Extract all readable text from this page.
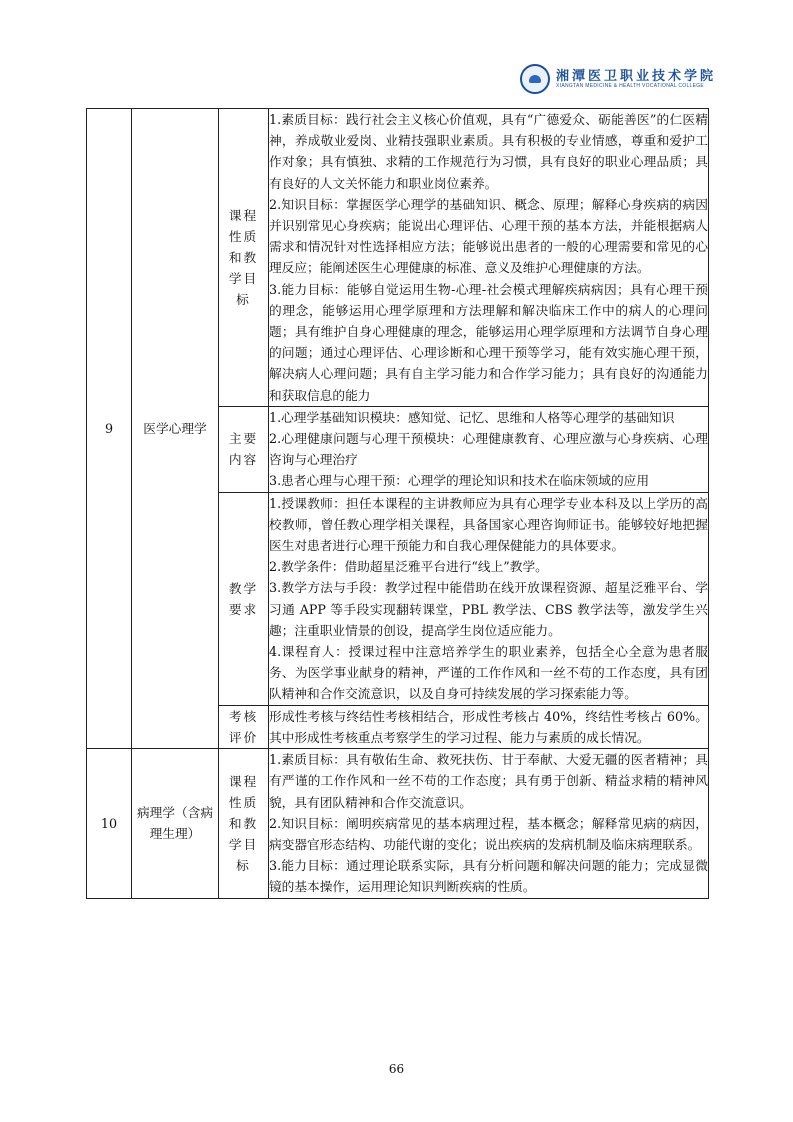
湘潭医卫职业技术学院
XIANGTAN MEDICINE & HEALTH VOCATIONAL COLLEGE
9	医学心理学	课程性质和教学目标	1.素质目标：践行社会主义核心价值观，具有“广德爱众、砺能善医”的仁医精神，养成敬业爱岗、业精技强职业素质。具有积极的专业情感，尊重和爱护工作对象；具有慎独、求精的工作规范行为习惯，具有良好的职业心理品质；具有良好的人文关怀能力和职业岗位素养。

2.知识目标：掌握医学心理学的基础知识、概念、原理；解释心身疾病的病因并识别常见心身疾病；能说出心理评估、心理干预的基本方法，并能根据病人需求和情况针对性选择相应方法；能够说出患者的一般的心理需要和常见的心理反应；能阐述医生心理健康的标准、意义及维护心理健康的方法。

3.能力目标：能够自觉运用生物-心理-社会模式理解疾病病因；具有心理干预的理念，能够运用心理学原理和方法理解和解决临床工作中的病人的心理问题；具有维护自身心理健康的理念，能够运用心理学原理和方法调节自身心理的问题；通过心理评估、心理诊断和心理干预等学习，能有效实施心理干预，解决病人心理问题；具有自主学习能力和合作学习能力；具有良好的沟通能力和获取信息的能力

		主要内容	1.心理学基础知识模块：感知觉、记忆、思维和人格等心理学的基础知识

2.心理健康问题与心理干预模块：心理健康教育、心理应激与心身疾病、心理咨询与心理治疗

3.患者心理与心理干预：心理学的理论知识和技术在临床领域的应用

		教学要求	1.授课教师：担任本课程的主讲教师应为具有心理学专业本科及以上学历的高校教师，曾任教心理学相关课程，具备国家心理咨询师证书。能够较好地把握医生对患者进行心理干预能力和自我心理保健能力的具体要求。

2.教学条件：借助超星泛雅平台进行“线上”教学。

3.教学方法与手段：教学过程中能借助在线开放课程资源、超星泛雅平台、学习通 APP 等手段实现翻转课堂，PBL 教学法、CBS 教学法等，激发学生兴趣；注重职业情景的创设，提高学生岗位适应能力。

4.课程育人：授课过程中注意培养学生的职业素养，包括全心全意为患者服务、为医学事业献身的精神，严谨的工作作风和一丝不苟的工作态度，具有团队精神和合作交流意识，以及自身可持续发展的学习探索能力等。

		考核评价	形成性考核与终结性考核相结合，形成性考核占 40%，终结性考核占 60%。其中形成性考核重点考察学生的学习过程、能力与素质的成长情况。

10	病理学（含病理生理）	课程性质和教学目标	1.素质目标：具有敬佑生命、救死扶伤、甘于奉献、大爱无疆的医者精神；具有严谨的工作作风和一丝不苟的工作态度；具有勇于创新、精益求精的精神风貌，具有团队精神和合作交流意识。

2.知识目标：阐明疾病常见的基本病理过程，基本概念；解释常见病的病因，病变器官形态结构、功能代谢的变化；说出疾病的发病机制及临床病理联系。

3.能力目标：通过理论联系实际，具有分析问题和解决问题的能力；完成显微镜的基本操作，运用理论知识判断疾病的性质。

66
